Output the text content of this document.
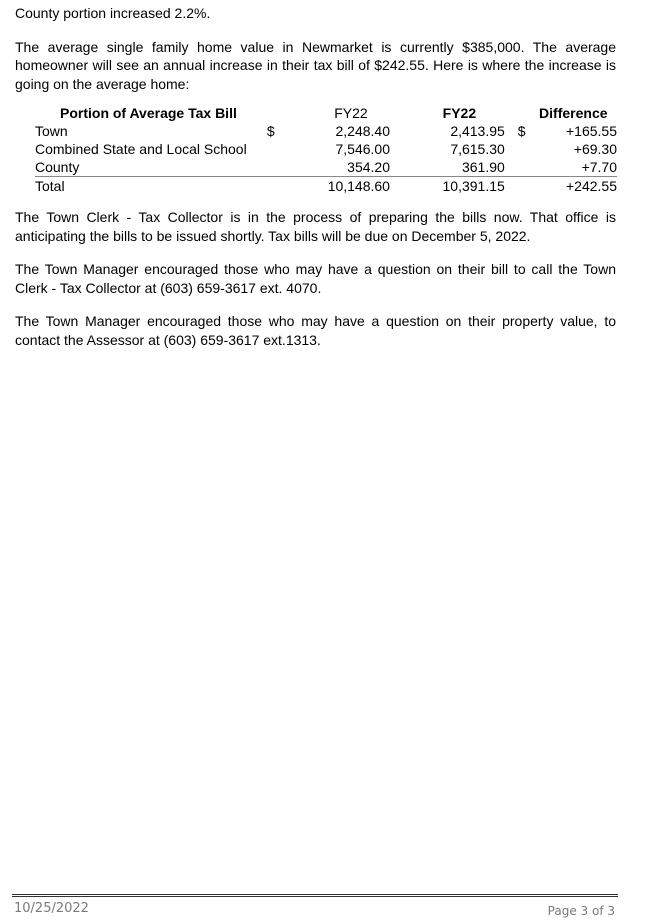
County portion increased 2.2%.

The average single family home value in Newmarket is currently $385,000. The average homeowner will see an annual increase in their tax bill of $242.55. Here is where the increase is going on the average home:

Portion of Average Tax Bill		FY22	FY22		Difference
Town	$	2,248.40	2,413.95	$	+165.55
Combined State and Local School		7,546.00	7,615.30		+69.30
County		354.20	361.90		+7.70
Total		10,148.60	10,391.15		+242.55

The Town Clerk - Tax Collector is in the process of preparing the bills now. That office is anticipating the bills to be issued shortly. Tax bills will be due on December 5, 2022.

The Town Manager encouraged those who may have a question on their bill to call the Town Clerk - Tax Collector at (603) 659-3617 ext. 4070.

The Town Manager encouraged those who may have a question on their property value, to contact the Assessor at (603) 659-3617 ext.1313.

10/25/2022	Page 3 of 3
